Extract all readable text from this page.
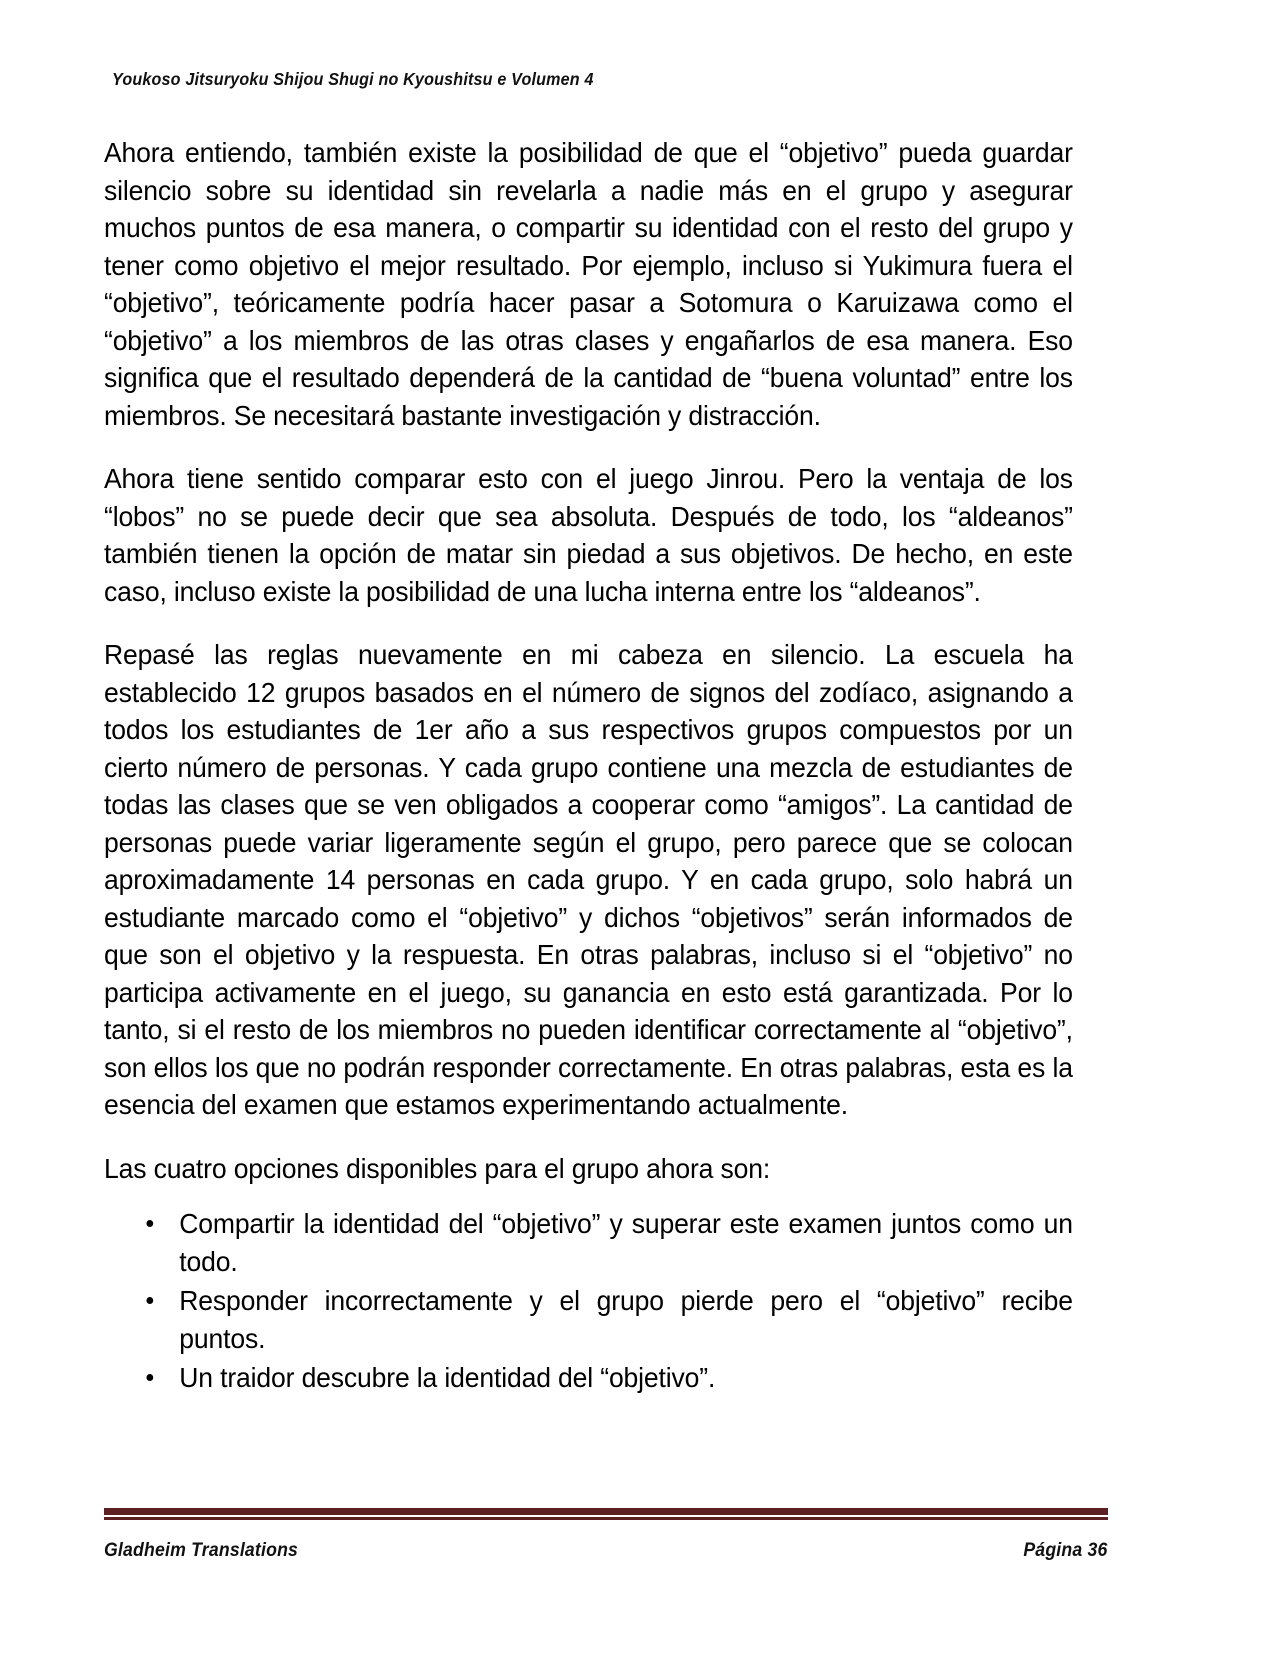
Youkoso Jitsuryoku Shijou Shugi no Kyoushitsu e Volumen 4

Ahora entiendo, también existe la posibilidad de que el “objetivo” pueda guardar silencio sobre su identidad sin revelarla a nadie más en el grupo y asegurar muchos puntos de esa manera, o compartir su identidad con el resto del grupo y tener como objetivo el mejor resultado. Por ejemplo, incluso si Yukimura fuera el “objetivo”, teóricamente podría hacer pasar a Sotomura o Karuizawa como el “objetivo” a los miembros de las otras clases y engañarlos de esa manera. Eso significa que el resultado dependerá de la cantidad de “buena voluntad” entre los miembros. Se necesitará bastante investigación y distracción.

Ahora tiene sentido comparar esto con el juego Jinrou. Pero la ventaja de los “lobos” no se puede decir que sea absoluta. Después de todo, los “aldeanos” también tienen la opción de matar sin piedad a sus objetivos. De hecho, en este caso, incluso existe la posibilidad de una lucha interna entre los “aldeanos”.

Repasé las reglas nuevamente en mi cabeza en silencio. La escuela ha establecido 12 grupos basados en el número de signos del zodíaco, asignando a todos los estudiantes de 1er año a sus respectivos grupos compuestos por un cierto número de personas. Y cada grupo contiene una mezcla de estudiantes de todas las clases que se ven obligados a cooperar como “amigos”. La cantidad de personas puede variar ligeramente según el grupo, pero parece que se colocan aproximadamente 14 personas en cada grupo. Y en cada grupo, solo habrá un estudiante marcado como el “objetivo” y dichos “objetivos” serán informados de que son el objetivo y la respuesta. En otras palabras, incluso si el “objetivo” no participa activamente en el juego, su ganancia en esto está garantizada. Por lo tanto, si el resto de los miembros no pueden identificar correctamente al “objetivo”, son ellos los que no podrán responder correctamente. En otras palabras, esta es la esencia del examen que estamos experimentando actualmente.

Las cuatro opciones disponibles para el grupo ahora son:

Compartir la identidad del “objetivo” y superar este examen juntos como un todo.
Responder incorrectamente y el grupo pierde pero el “objetivo” recibe puntos.
Un traidor descubre la identidad del “objetivo”.
Gladheim Translations	Página 36
